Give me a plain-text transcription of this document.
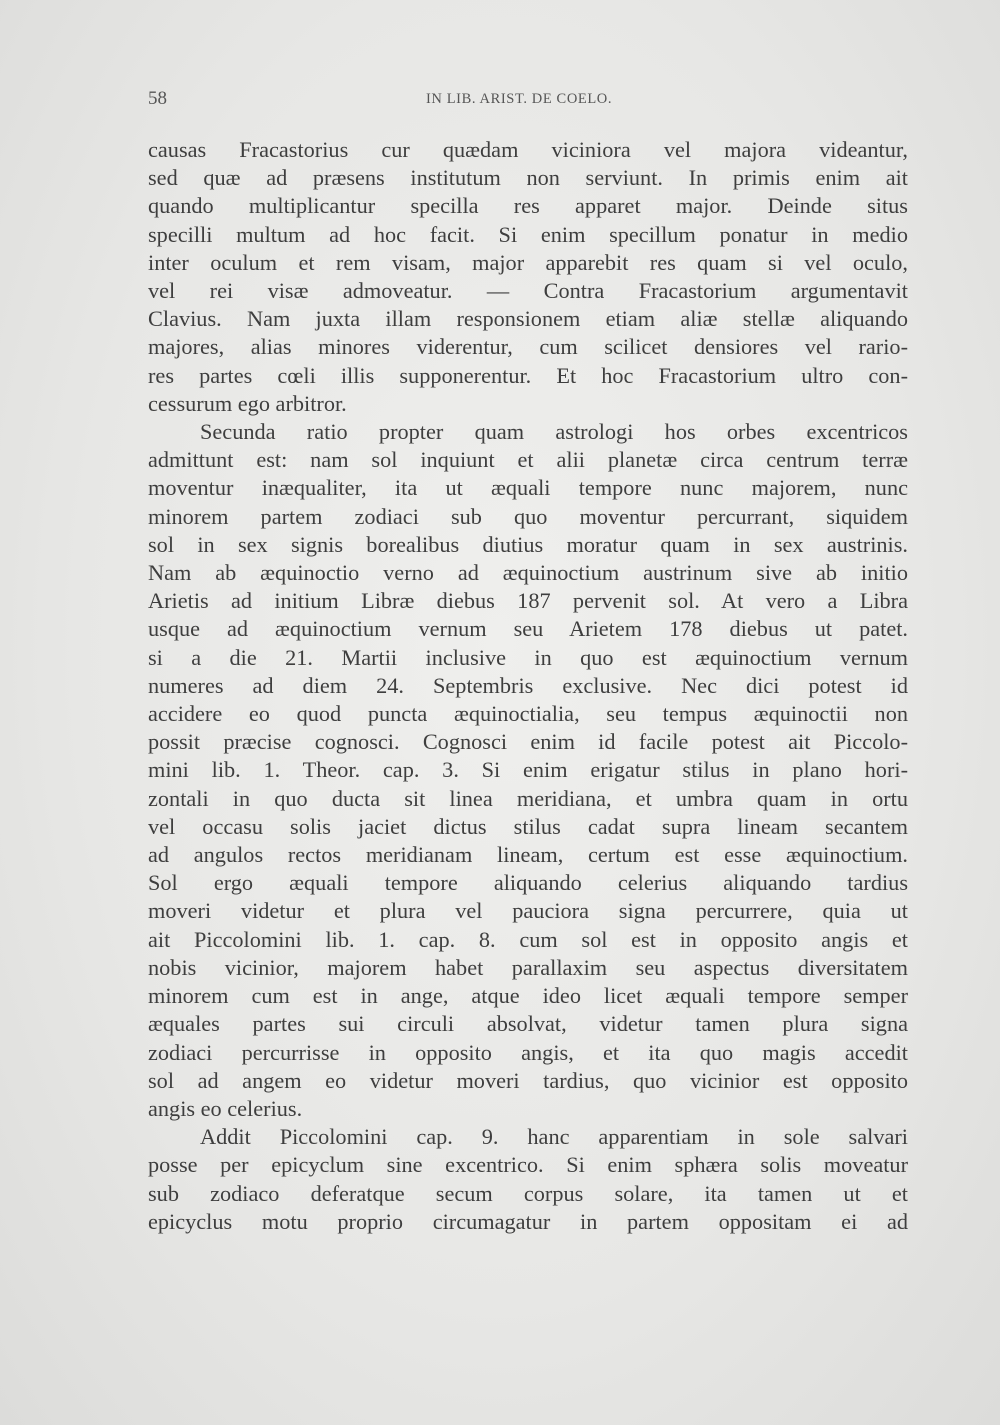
58	IN LIB. ARIST. DE COELO.

causas Fracastorius cur quædam viciniora vel majora videantur,

sed quæ ad præsens institutum non serviunt. In primis enim ait

quando multiplicantur specilla res apparet major. Deinde situs

specilli multum ad hoc facit. Si enim specillum ponatur in medio

inter oculum et rem visam, major apparebit res quam si vel oculo,

vel rei visæ admoveatur. — Contra Fracastorium argumentavit

Clavius. Nam juxta illam responsionem etiam aliæ stellæ aliquando

majores, alias minores viderentur, cum scilicet densiores vel rario-

res partes cœli illis supponerentur. Et hoc Fracastorium ultro con-

cessurum ego arbitror.

Secunda ratio propter quam astrologi hos orbes excentricos

admittunt est: nam sol inquiunt et alii planetæ circa centrum terræ

moventur inæqualiter, ita ut æquali tempore nunc majorem, nunc

minorem partem zodiaci sub quo moventur percurrant, siquidem

sol in sex signis borealibus diutius moratur quam in sex austrinis.

Nam ab æquinoctio verno ad æquinoctium austrinum sive ab initio

Arietis ad initium Libræ diebus 187 pervenit sol. At vero a Libra

usque ad æquinoctium vernum seu Arietem 178 diebus ut patet.

si a die 21. Martii inclusive in quo est æquinoctium vernum

numeres ad diem 24. Septembris exclusive. Nec dici potest id

accidere eo quod puncta æquinoctialia, seu tempus æquinoctii non

possit præcise cognosci. Cognosci enim id facile potest ait Piccolo-

mini lib. 1. Theor. cap. 3. Si enim erigatur stilus in plano hori-

zontali in quo ducta sit linea meridiana, et umbra quam in ortu

vel occasu solis jaciet dictus stilus cadat supra lineam secantem

ad angulos rectos meridianam lineam, certum est esse æquinoctium.

Sol ergo æquali tempore aliquando celerius aliquando tardius

moveri videtur et plura vel pauciora signa percurrere, quia ut

ait Piccolomini lib. 1. cap. 8. cum sol est in opposito angis et

nobis vicinior, majorem habet parallaxim seu aspectus diversitatem

minorem cum est in ange, atque ideo licet æquali tempore semper

æquales partes sui circuli absolvat, videtur tamen plura signa

zodiaci percurrisse in opposito angis, et ita quo magis accedit

sol ad angem eo videtur moveri tardius, quo vicinior est opposito

angis eo celerius.

Addit Piccolomini cap. 9. hanc apparentiam in sole salvari

posse per epicyclum sine excentrico. Si enim sphæra solis moveatur

sub zodiaco deferatque secum corpus solare, ita tamen ut et

epicyclus motu proprio circumagatur in partem oppositam ei ad
